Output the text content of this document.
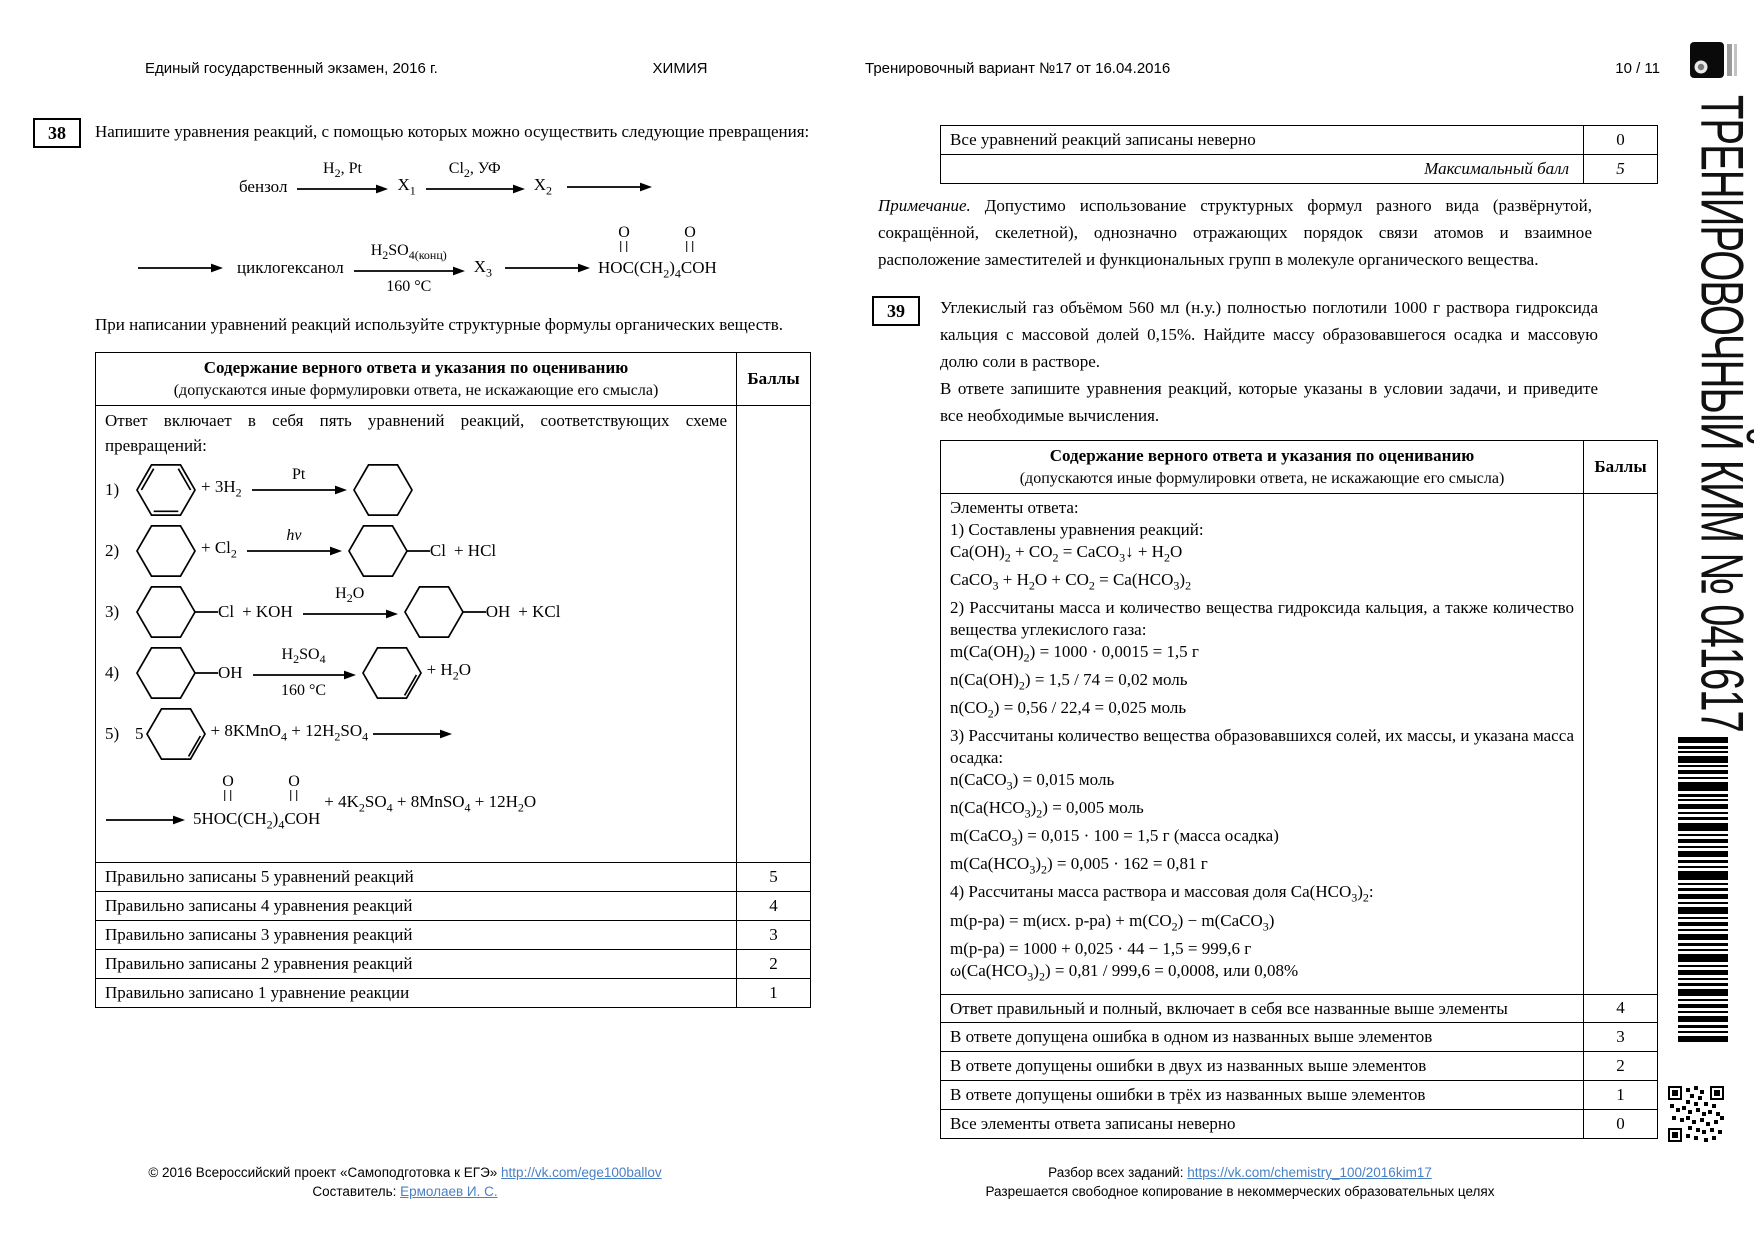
Единый государственный экзамен, 2016 г.	ХИМИЯ	Тренировочный вариант №17 от 16.04.2016	10 / 11
38	Напишите уравнения реакций, с помощью которых можно осуществить следующие превращения:
бензол
$H_2$, Pt
$X_1$
$Cl_2$, УФ
$X_2$
циклогексанол
$H_2SO_{4(конц)}$
160 °C
$X_3$
O	O
$HOC(CH_2)_4COH$
При написании уравнений реакций используйте структурные формулы органических веществ.
Содержание верного ответа и указания по оцениванию
(допускаются иные формулировки ответа, не искажающие его смысла)
Баллы
Ответ включает в себя пять уравнений реакций, соответствующих схеме превращений:
1)	+ $3H_2$
Pt
2)	+ $Cl_2$
hν
Cl + HCl
3)	Cl + KOH
$H_2O$
OH + KCl
4)	OH
$H_2SO_4$
160 °C
+ $H_2O$
5) 5	+ 8KMnO$_4$ + $12H_2SO_4$
O	O
$5HOC(CH_2)_4COH$
+ $4K_2SO_4$ + 8MnSO$_4$ + $12H_2O$
Правильно записаны 5 уравнений реакций	5
Правильно записаны 4 уравнения реакций	4
Правильно записаны 3 уравнения реакций	3
Правильно записаны 2 уравнения реакций	2
Правильно записано 1 уравнение реакции	1
Все уравнений реакций записаны неверно	0
Максимальный балл	5
Примечание. Допустимо использование структурных формул разного вида (развёрнутой, сокращённой, скелетной), однозначно отражающих порядок связи атомов и взаимное расположение заместителей и функциональных групп в молекуле органического вещества.
39	Углекислый газ объёмом 560 мл (н.у.) полностью поглотили 1000 г раствора гидроксида кальция с массовой долей 0,15%. Найдите массу образовавшегося осадка и массовую долю соли в растворе.
В ответе запишите уравнения реакций, которые указаны в условии задачи, и приведите все необходимые вычисления.
Содержание верного ответа и указания по оцениванию
(допускаются иные формулировки ответа, не искажающие его смысла)
Баллы
Элементы ответа:
1) Составлены уравнения реакций:
$Ca(OH)_2 + CO_2$ = CaCO$_3$↓ + $H_2O$
CaCO$_3$ + $H_2O + CO_2 = Ca(HCO_3)_2$
2) Рассчитаны масса и количество вещества гидроксида кальция, а также количество вещества углекислого газа:
$m(Ca(OH)_2) = 1000 \cdot 0,0015 = 1,5$ г
$n(Ca(OH)_2) = 1,5 / 74 = 0,02$ моль
$n(CO_2) = 0,56 / 22,4 = 0,025$ моль
3) Рассчитаны количество вещества образовавшихся солей, их массы, и указана масса осадка:
n(CaCO$_3$) = 0,015 моль
$n(Ca(HCO_3)_2) = 0,005$ моль
m(CaCO$_3$) = 0,015 · 100 = 1,5 г (масса осадка)
$m(Ca(HCO_3)_2) = 0,005 \cdot 162 = 0,81$ г
4) Рассчитаны масса раствора и массовая доля $Ca(HCO_3)_2$:
m(р-ра) = m(исх. $р-ра) + m(CO_2)$ − m(CaCO$_3$)
m(р-ра) = 1000 + 0,025 · 44 − 1,5 = 999,6 г
$\omega(Ca(HCO_3)_2) = 0,81 / 999,6 = 0,0008$, или 0,08%
Ответ правильный и полный, включает в себя все названные выше элементы	4
В ответе допущена ошибка в одном из названных выше элементов	3
В ответе допущены ошибки в двух из названных выше элементов	2
В ответе допущены ошибки в трёх из названных выше элементов	1
Все элементы ответа записаны неверно	0
© 2016 Всероссийский проект «Самоподготовка к ЕГЭ» http://vk.com/ege100ballov
Составитель: Ермолаев И. С.
Разбор всех заданий: https://vk.com/chemistry_100/2016kim17
Разрешается свободное копирование в некоммерческих образовательных целях
ТРЕНИРОВОЧНЫЙ КИМ № 041617
